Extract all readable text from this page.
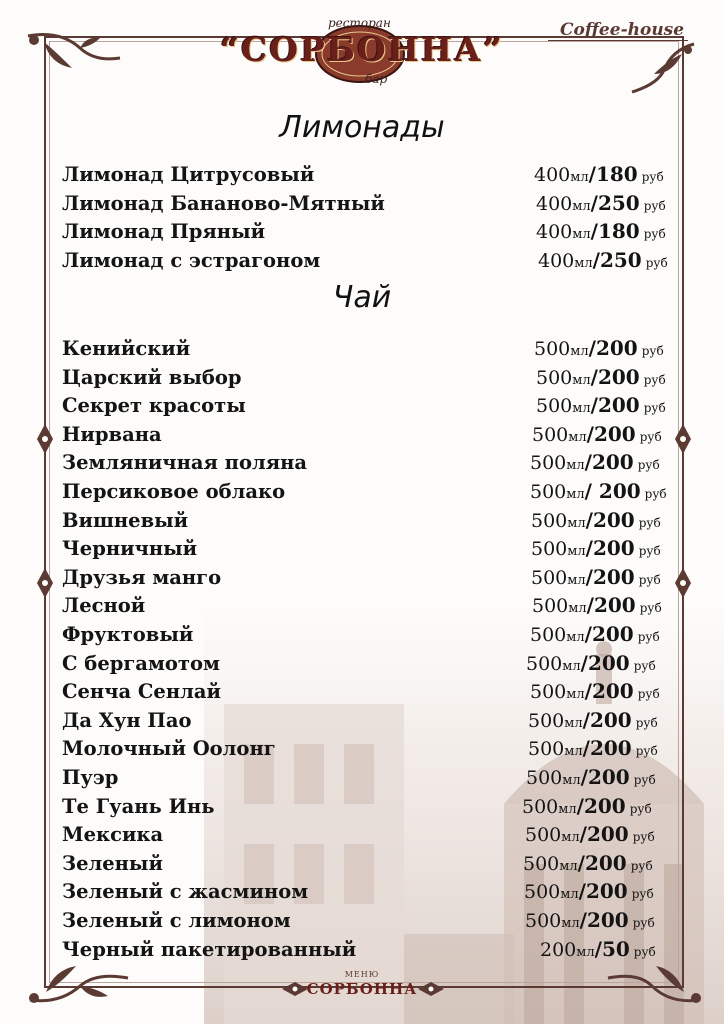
ресторан
“СОРБОННА”
бар
Coffee-house
Лимонады
Лимонад Цитрусовый	400мл/180 руб
Лимонад Бананово-Мятный	400мл/250 руб
Лимонад Пряный	400мл/180 руб
Лимонад с эстрагоном	400мл/250 руб
Чай
Кенийский	500мл/200 руб
Царский выбор	500мл/200 руб
Секрет красоты	500мл/200 руб
Нирвана	500мл/200 руб
Земляничная поляна	500мл/200 руб
Персиковое облако	500мл/ 200 руб
Вишневый	500мл/200 руб
Черничный	500мл/200 руб
Друзья манго	500мл/200 руб
Лесной	500мл/200 руб
Фруктовый	500мл/200 руб
С бергамотом	500мл/200 руб
Сенча Сенлай	500мл/200 руб
Да Хун Пао	500мл/200 руб
Молочный Оолонг	500мл/200 руб
Пуэр	500мл/200 руб
Те Гуань Инь	500мл/200 руб
Мексика	500мл/200 руб
Зеленый	500мл/200 руб
Зеленый с жасмином	500мл/200 руб
Зеленый с лимоном	500мл/200 руб
Черный пакетированный	200мл/50 руб
МЕНЮ
СОРБОННА
